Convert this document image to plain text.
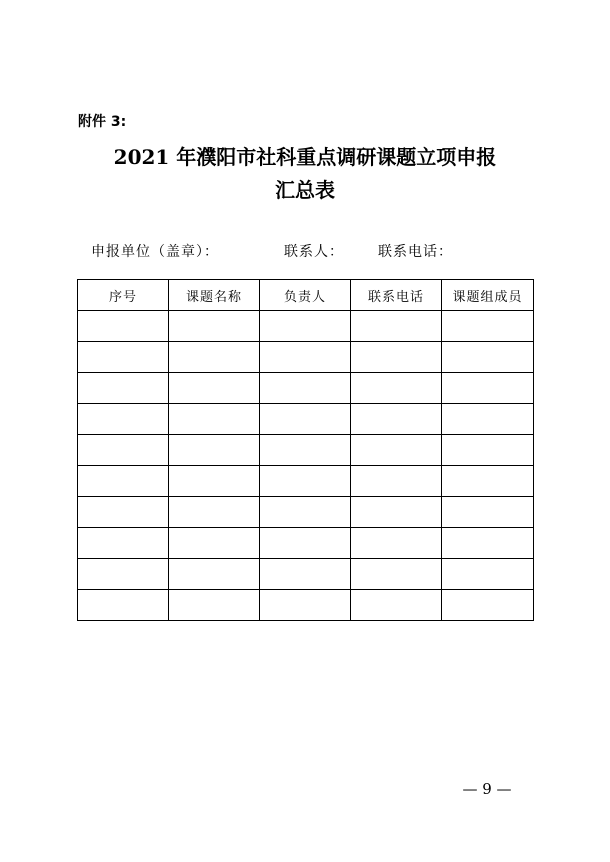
附件 3:
2021 年濮阳市社科重点调研课题立项申报
汇总表
申报单位（盖章）：	联系人： 联系电话：
序号	课题名称	负责人	联系电话	课题组成员

— 9 —
